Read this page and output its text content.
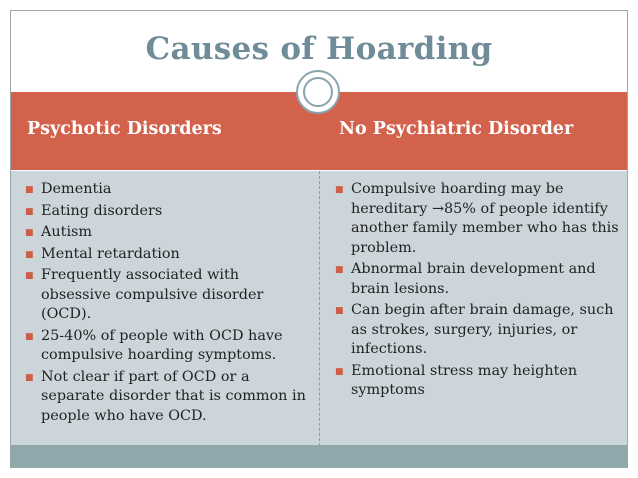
Causes of Hoarding
Psychotic Disorders	No Psychiatric Disorder
■ Dementia
■ Eating disorders
■ Autism
■ Mental retardation
■ Frequently associated with obsessive compulsive disorder (OCD).
■ 25-40% of people with OCD have compulsive hoarding symptoms.
■ Not clear if part of OCD or a separate disorder that is common in people who have OCD.
■ Compulsive hoarding may be hereditary →85% of people identify another family member who has this problem.
■ Abnormal brain development and brain lesions.
■ Can begin after brain damage, such as strokes, surgery, injuries, or infections.
■ Emotional stress may heighten symptoms
